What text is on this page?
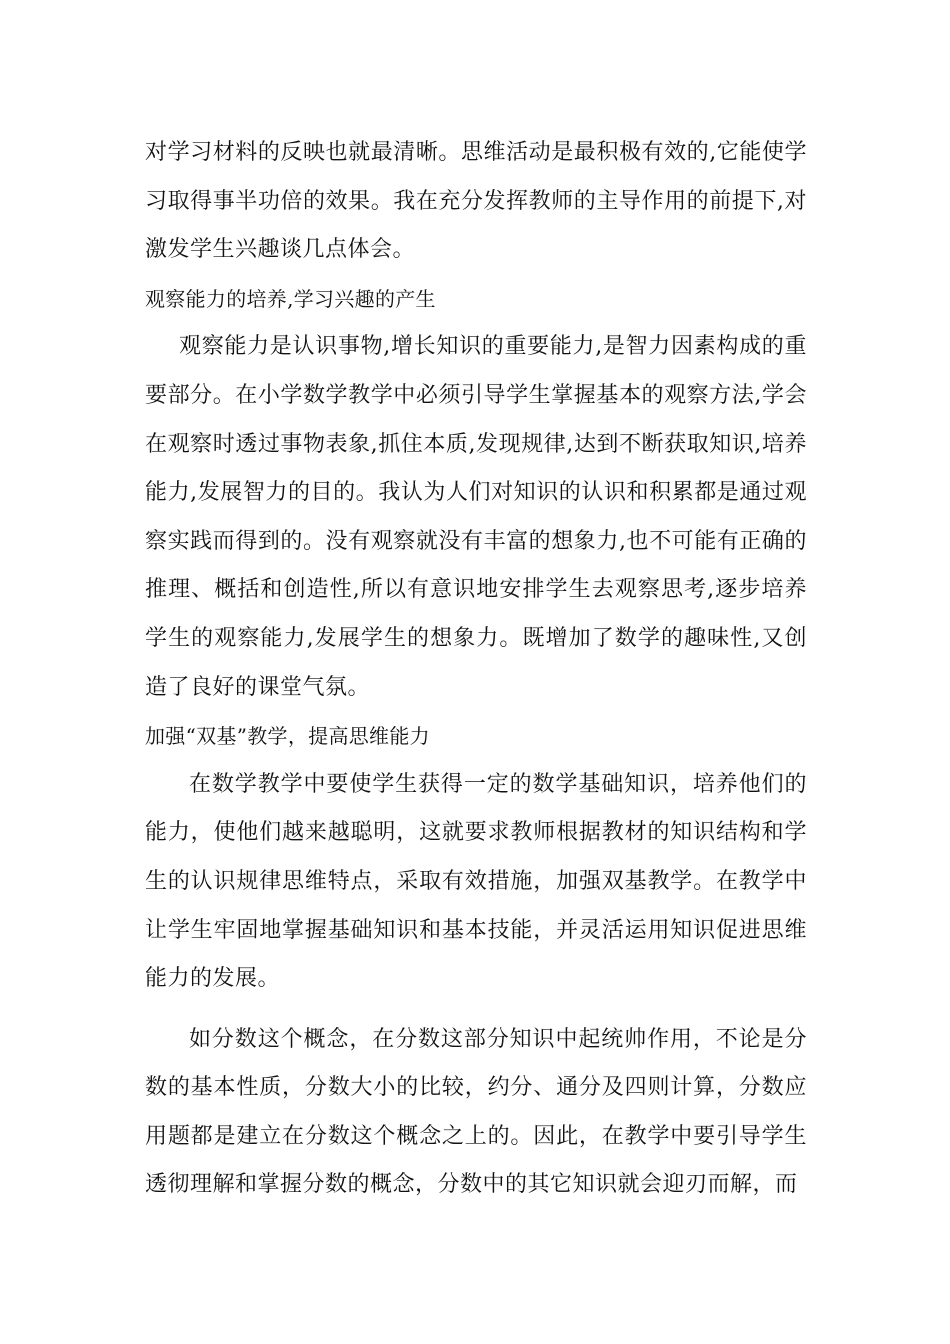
对学习材料的反映也就最清晰。思维活动是最积极有效的,它能使学习取得事半功倍的效果。我在充分发挥教师的主导作用的前提下,对激发学生兴趣谈几点体会。

观察能力的培养,学习兴趣的产生

观察能力是认识事物,增长知识的重要能力,是智力因素构成的重要部分。在小学数学教学中必须引导学生掌握基本的观察方法,学会在观察时透过事物表象,抓住本质,发现规律,达到不断获取知识,培养能力,发展智力的目的。我认为人们对知识的认识和积累都是通过观察实践而得到的。没有观察就没有丰富的想象力,也不可能有正确的推理、概括和创造性,所以有意识地安排学生去观察思考,逐步培养学生的观察能力,发展学生的想象力。既增加了数学的趣味性,又创造了良好的课堂气氛。

加强“双基”教学，提高思维能力

在数学教学中要使学生获得一定的数学基础知识，培养他们的能力，使他们越来越聪明，这就要求教师根据教材的知识结构和学生的认识规律思维特点，采取有效措施，加强双基教学。在教学中让学生牢固地掌握基础知识和基本技能，并灵活运用知识促进思维能力的发展。

如分数这个概念，在分数这部分知识中起统帅作用，不论是分数的基本性质，分数大小的比较，约分、通分及四则计算，分数应用题都是建立在分数这个概念之上的。因此，在教学中要引导学生透彻理解和掌握分数的概念，分数中的其它知识就会迎刃而解，而
